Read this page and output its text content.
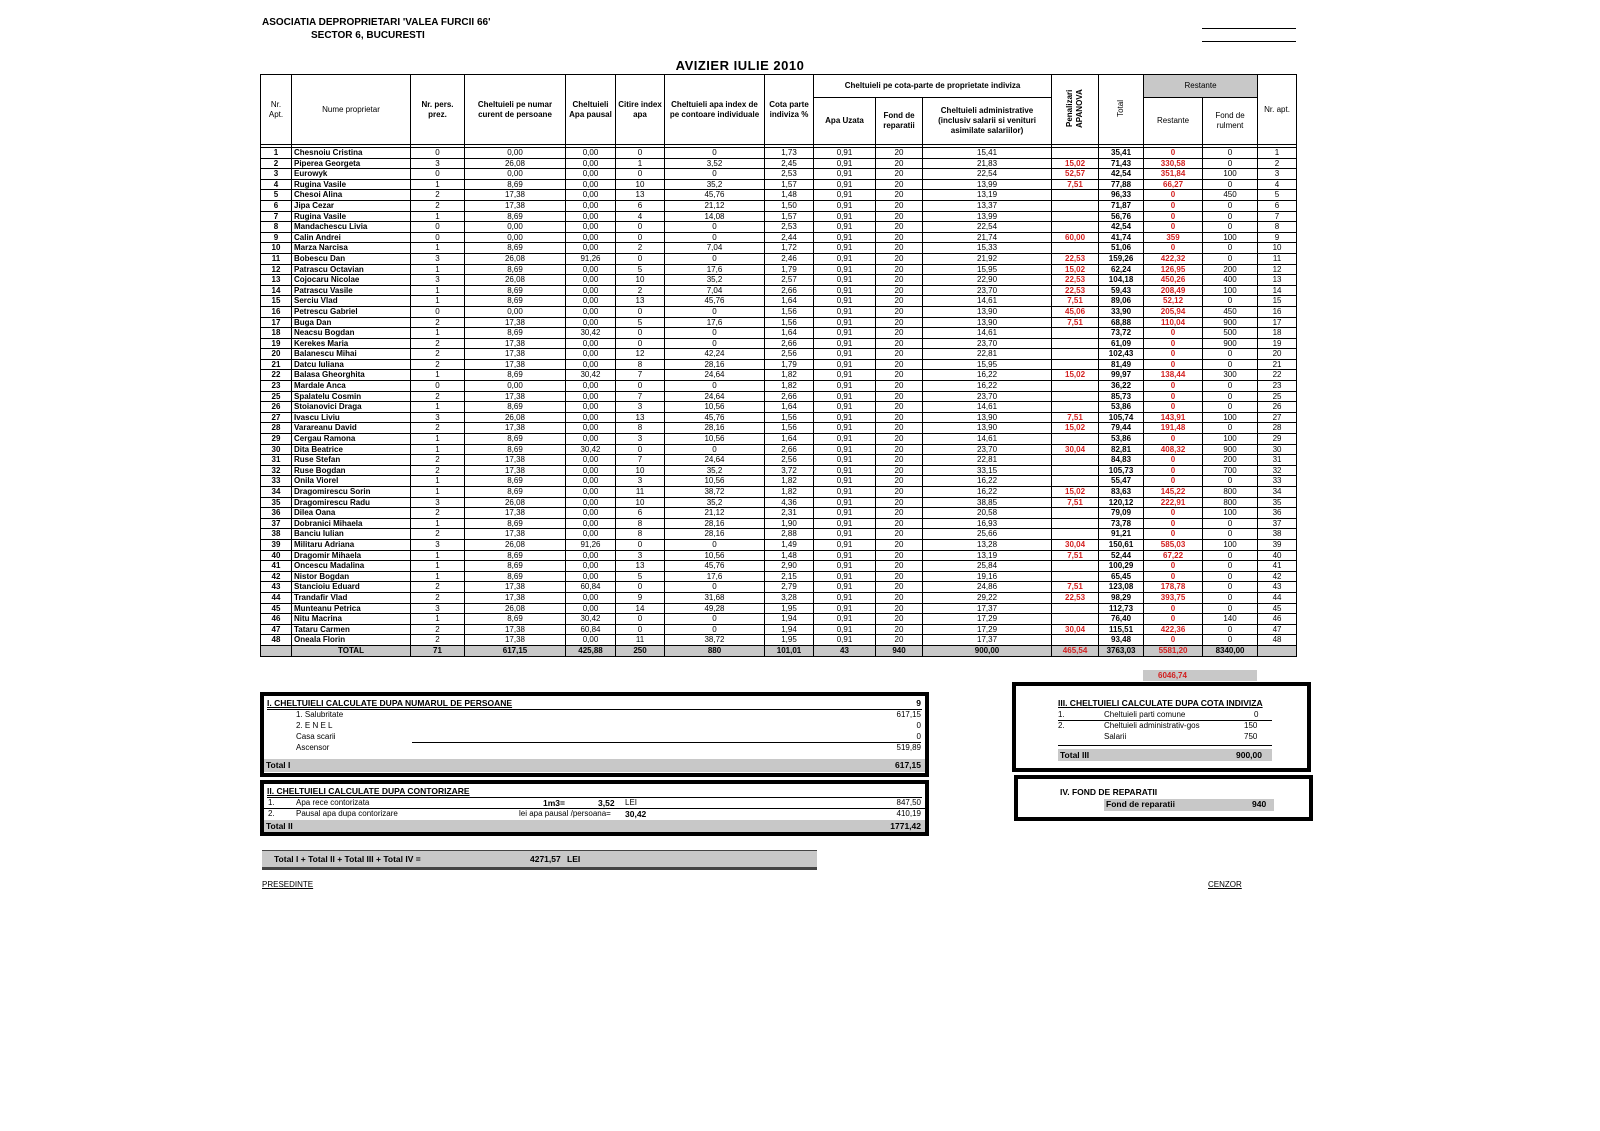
ASOCIATIA DEPROPRIETARI 'VALEA FURCII 66'
SECTOR 6, BUCURESTI
AVIZIER IULIE 2010
Nr. Apt.	Nume proprietar	Nr. pers. prez.	Cheltuieli pe numar curent de persoane	Cheltuieli Apa pausal	Citire index apa	Cheltuieli apa index de pe contoare individuale	Cota parte indiviza %	Cheltuieli pe cota-parte de proprietate indiviza			Penalizari APANOVA	Total	Restante		Nr. apt.
								Apa Uzata	Fond de reparatii	Cheltuieli administrative (inclusiv salarii si venituri asimilate salariilor)			Restante	Fond de rulment	

1	Chesnoiu Cristina	0	0,00	0,00	0	0	1,73	0,91	20	15,41		35,41	0	0	1
2	Piperea Georgeta	3	26,08	0,00	1	3,52	2,45	0,91	20	21,83	15,02	71,43	330,58	0	2
3	Eurowyk	0	0,00	0,00	0	0	2,53	0,91	20	22,54	52,57	42,54	351,84	100	3
4	Rugina Vasile	1	8,69	0,00	10	35,2	1,57	0,91	20	13,99	7,51	77,88	66,27	0	4
5	Chesoi Alina	2	17,38	0,00	13	45,76	1,48	0,91	20	13,19		96,33	0	450	5
6	Jipa Cezar	2	17,38	0,00	6	21,12	1,50	0,91	20	13,37		71,87	0	0	6
7	Rugina Vasile	1	8,69	0,00	4	14,08	1,57	0,91	20	13,99		56,76	0	0	7
8	Mandachescu Livia	0	0,00	0,00	0	0	2,53	0,91	20	22,54		42,54	0	0	8
9	Calin Andrei	0	0,00	0,00	0	0	2,44	0,91	20	21,74	60,00	41,74	359	100	9
10	Marza Narcisa	1	8,69	0,00	2	7,04	1,72	0,91	20	15,33		51,06	0	0	10
11	Bobescu Dan	3	26,08	91,26	0	0	2,46	0,91	20	21,92	22,53	159,26	422,32	0	11
12	Patrascu Octavian	1	8,69	0,00	5	17,6	1,79	0,91	20	15,95	15,02	62,24	126,95	200	12
13	Cojocaru Nicolae	3	26,08	0,00	10	35,2	2,57	0,91	20	22,90	22,53	104,18	450,26	400	13
14	Patrascu Vasile	1	8,69	0,00	2	7,04	2,66	0,91	20	23,70	22,53	59,43	208,49	100	14
15	Serciu Vlad	1	8,69	0,00	13	45,76	1,64	0,91	20	14,61	7,51	89,06	52,12	0	15
16	Petrescu Gabriel	0	0,00	0,00	0	0	1,56	0,91	20	13,90	45,06	33,90	205,94	450	16
17	Buga Dan	2	17,38	0,00	5	17,6	1,56	0,91	20	13,90	7,51	68,88	110,04	900	17
18	Neacsu Bogdan	1	8,69	30,42	0	0	1,64	0,91	20	14,61		73,72	0	500	18
19	Kerekes Maria	2	17,38	0,00	0	0	2,66	0,91	20	23,70		61,09	0	900	19
20	Balanescu Mihai	2	17,38	0,00	12	42,24	2,56	0,91	20	22,81		102,43	0	0	20
21	Datcu Iuliana	2	17,38	0,00	8	28,16	1,79	0,91	20	15,95		81,49	0	0	21
22	Balasa Gheorghita	1	8,69	30,42	7	24,64	1,82	0,91	20	16,22	15,02	99,97	138,44	300	22
23	Mardale Anca	0	0,00	0,00	0	0	1,82	0,91	20	16,22		36,22	0	0	23
25	Spalatelu Cosmin	2	17,38	0,00	7	24,64	2,66	0,91	20	23,70		85,73	0	0	25
26	Stoianovici Draga	1	8,69	0,00	3	10,56	1,64	0,91	20	14,61		53,86	0	0	26
27	Ivascu Liviu	3	26,08	0,00	13	45,76	1,56	0,91	20	13,90	7,51	105,74	143,91	100	27
28	Varareanu David	2	17,38	0,00	8	28,16	1,56	0,91	20	13,90	15,02	79,44	191,48	0	28
29	Cergau Ramona	1	8,69	0,00	3	10,56	1,64	0,91	20	14,61		53,86	0	100	29
30	Dita Beatrice	1	8,69	30,42	0	0	2,66	0,91	20	23,70	30,04	82,81	408,32	900	30
31	Ruse Stefan	2	17,38	0,00	7	24,64	2,56	0,91	20	22,81		84,83	0	200	31
32	Ruse Bogdan	2	17,38	0,00	10	35,2	3,72	0,91	20	33,15		105,73	0	700	32
33	Onila Viorel	1	8,69	0,00	3	10,56	1,82	0,91	20	16,22		55,47	0	0	33
34	Dragomirescu Sorin	1	8,69	0,00	11	38,72	1,82	0,91	20	16,22	15,02	83,63	145,22	800	34
35	Dragomirescu Radu	3	26,08	0,00	10	35,2	4,36	0,91	20	38,85	7,51	120,12	222,91	800	35
36	Dilea Oana	2	17,38	0,00	6	21,12	2,31	0,91	20	20,58		79,09	0	100	36
37	Dobranici Mihaela	1	8,69	0,00	8	28,16	1,90	0,91	20	16,93		73,78	0	0	37
38	Banciu Iulian	2	17,38	0,00	8	28,16	2,88	0,91	20	25,66		91,21	0	0	38
39	Militaru Adriana	3	26,08	91,26	0	0	1,49	0,91	20	13,28	30,04	150,61	585,03	100	39
40	Dragomir Mihaela	1	8,69	0,00	3	10,56	1,48	0,91	20	13,19	7,51	52,44	67,22	0	40
41	Oncescu Madalina	1	8,69	0,00	13	45,76	2,90	0,91	20	25,84		100,29	0	0	41
42	Nistor Bogdan	1	8,69	0,00	5	17,6	2,15	0,91	20	19,16		65,45	0	0	42
43	Stancioiu Eduard	2	17,38	60,84	0	0	2,79	0,91	20	24,86	7,51	123,08	178,78	0	43
44	Trandafir Vlad	2	17,38	0,00	9	31,68	3,28	0,91	20	29,22	22,53	98,29	393,75	0	44
45	Munteanu Petrica	3	26,08	0,00	14	49,28	1,95	0,91	20	17,37		112,73	0	0	45
46	Nitu Macrina	1	8,69	30,42	0	0	1,94	0,91	20	17,29		76,40	0	140	46
47	Tataru Carmen	2	17,38	60,84	0	0	1,94	0,91	20	17,29	30,04	115,51	422,36	0	47
48	Oneala Florin	2	17,38	0,00	11	38,72	1,95	0,91	20	17,37		93,48	0	0	48
	TOTAL	71	617,15	425,88	250	880	101,01	43	940	900,00	465,54	3763,03	5581,20	8340,00	
6046,74
I. CHELTUIELI CALCULATE DUPA NUMARUL DE PERSOANE	9
1. Salubritate	617,15
2. E N E L	0
Casa scarii	0
Ascensor	519,89
Total I	617,15
II. CHELTUIELI CALCULATE DUPA CONTORIZARE
1.	Apa rece contorizata	1m3=	3,52 LEI	847,50
2.	Pausal apa dupa contorizare	lei apa pausal /persoana= 30,42	410,19
Total II	1771,42
III. CHELTUIELI CALCULATE DUPA COTA INDIVIZA
1.	Cheltuieli parti comune	0
2.	Cheltuieli administrativ-gos	150
Salarii	750
Total III	900,00
IV. FOND DE REPARATII
Fond de reparatii	940
Total I + Total II + Total III + Total IV =	4271,57 LEI
PRESEDINTE	CENZOR
